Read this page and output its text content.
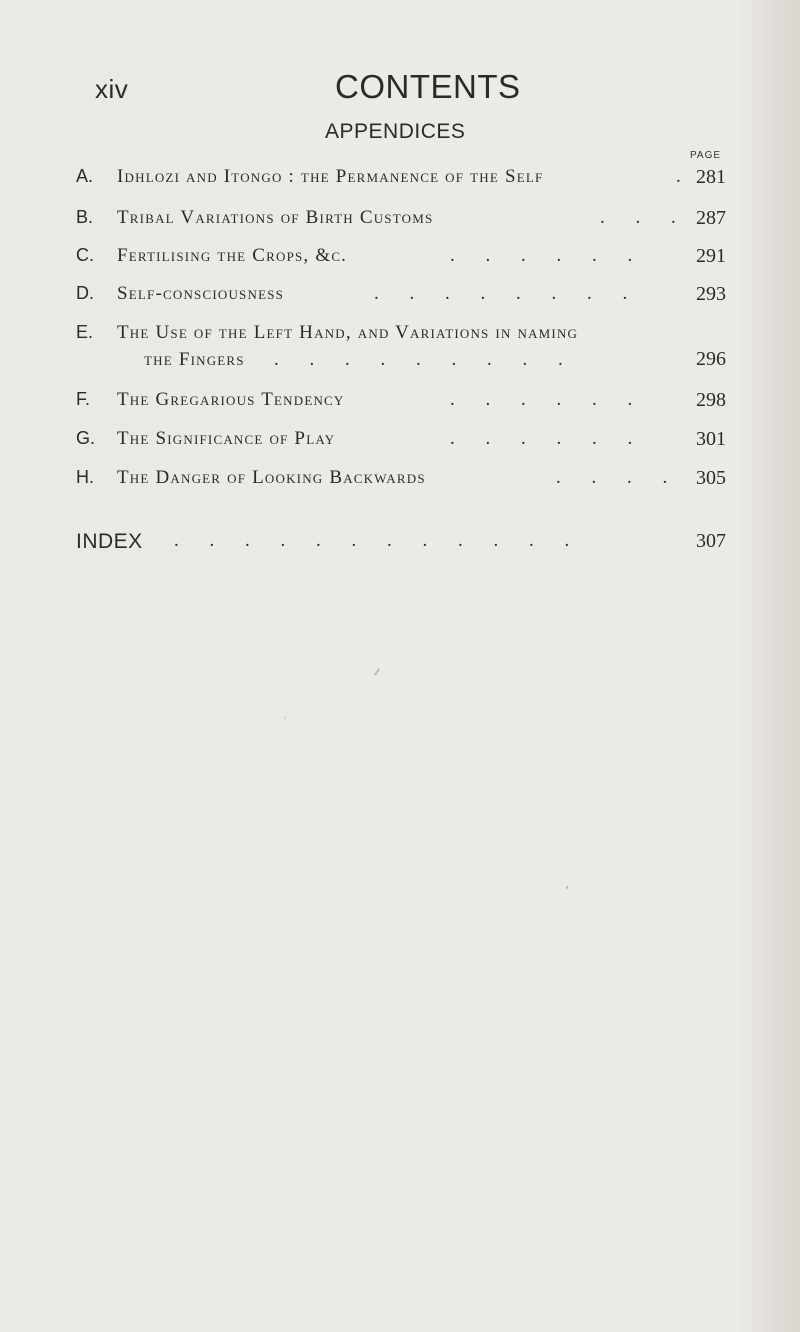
xiv	CONTENTS
APPENDICES
PAGE
A. Idhlozi and Itongo : the Permanence of the Self	. 281
B. Tribal Variations of Birth Customs	. . . 287
C. Fertilising the Crops, &c.	. . . . . .	291
D. Self-consciousness	. . . . . . . .	293
E. The Use of the Left Hand, and Variations in naming
the Fingers . . . . . . . . .	296
F. The Gregarious Tendency	. . . . . .	298
G. The Significance of Play	. . . . . .	301
H. The Danger of Looking Backwards	. . . . 305
INDEX . . . . . . . . . . . .	307
